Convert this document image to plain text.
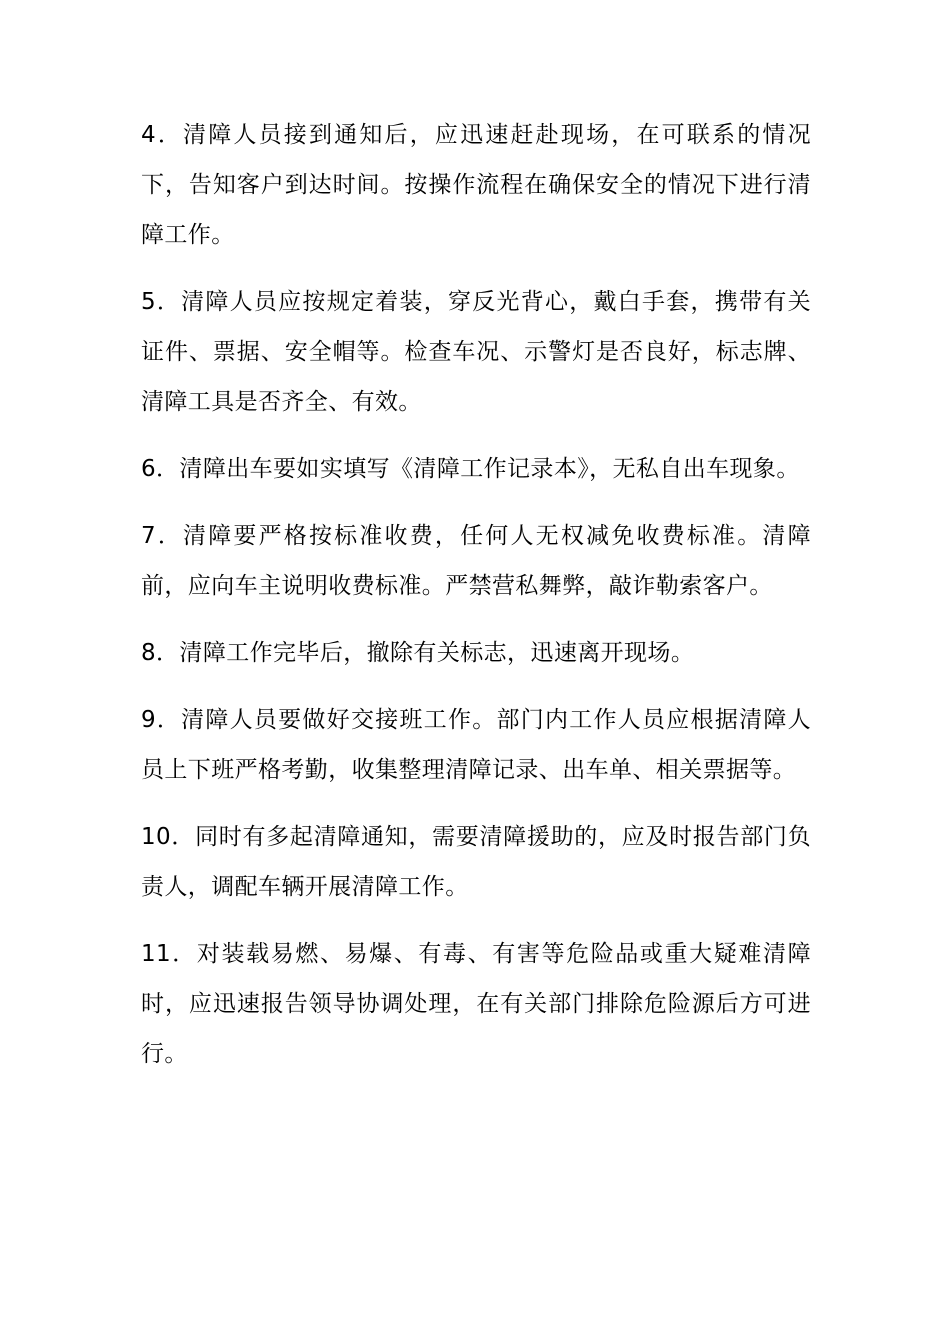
4．清障人员接到通知后，应迅速赶赴现场，在可联系的情况下，告知客户到达时间。按操作流程在确保安全的情况下进行清障工作。

5．清障人员应按规定着装，穿反光背心，戴白手套，携带有关证件、票据、安全帽等。检查车况、示警灯是否良好，标志牌、清障工具是否齐全、有效。

6．清障出车要如实填写《清障工作记录本》，无私自出车现象。

7．清障要严格按标准收费，任何人无权减免收费标准。清障前，应向车主说明收费标准。严禁营私舞弊，敲诈勒索客户。

8．清障工作完毕后，撤除有关标志，迅速离开现场。

9．清障人员要做好交接班工作。部门内工作人员应根据清障人员上下班严格考勤，收集整理清障记录、出车单、相关票据等。

10．同时有多起清障通知，需要清障援助的，应及时报告部门负责人，调配车辆开展清障工作。

11．对装载易燃、易爆、有毒、有害等危险品或重大疑难清障时，应迅速报告领导协调处理，在有关部门排除危险源后方可进行。
